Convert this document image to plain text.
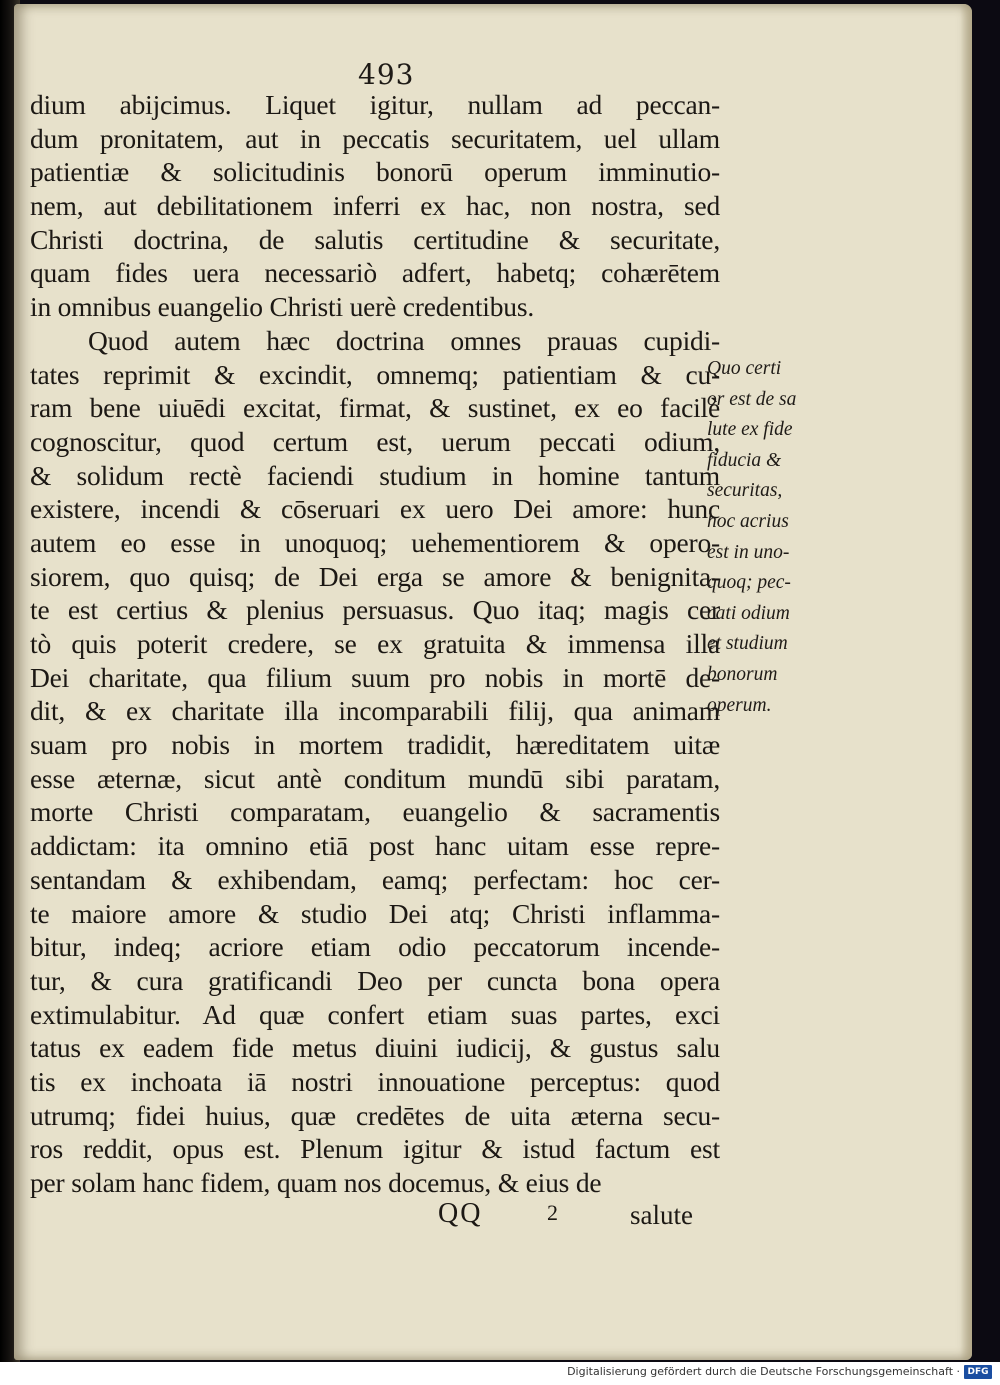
493
dium abijcimus. Liquet igitur, nullam ad peccan-
dum pronitatem, aut in peccatis securitatem, uel ullam
patientiæ & solicitudinis bonorū operum imminutio-
nem, aut debilitationem inferri ex hac, non nostra, sed
Christi doctrina, de salutis certitudine & securitate,
quam fides uera necessariò adfert, habetq; cohærētem
in omnibus euangelio Christi uerè credentibus.
Quod autem hæc doctrina omnes prauas cupidi-
tates reprimit & excindit, omnemq; patientiam & cu-
ram bene uiuēdi excitat, firmat, & sustinet, ex eo facilè
cognoscitur, quod certum est, uerum peccati odium,
& solidum rectè faciendi studium in homine tantum
existere, incendi & cōseruari ex uero Dei amore: hunc
autem eo esse in unoquoq; uehementiorem & opero-
siorem, quo quisq; de Dei erga se amore & benignita-
te est certius & plenius persuasus. Quo itaq; magis cer
tò quis poterit credere, se ex gratuita & immensa illa
Dei charitate, qua filium suum pro nobis in mortē de-
dit, & ex charitate illa incomparabili filij, qua animam
suam pro nobis in mortem tradidit, hæreditatem uitæ
esse æternæ, sicut antè conditum mundū sibi paratam,
morte Christi comparatam, euangelio & sacramentis
addictam: ita omnino etiā post hanc uitam esse repre-
sentandam & exhibendam, eamq; perfectam: hoc cer-
te maiore amore & studio Dei atq; Christi inflamma-
bitur, indeq; acriore etiam odio peccatorum incende-
tur, & cura gratificandi Deo per cuncta bona opera
extimulabitur. Ad quæ confert etiam suas partes, exci
tatus ex eadem fide metus diuini iudicij, & gustus salu
tis ex inchoata iā nostri innouatione perceptus: quod
utrumq; fidei huius, quæ credētes de uita æterna secu-
ros reddit, opus est. Plenum igitur & istud factum est
per solam hanc fidem, quam nos docemus, & eius de
Quo certi
or est de sa
lute ex fide
fiducia &
securitas,
hoc acrius
est in uno-
quoq; pec-
cati odium
et studium
bonorum
operum.
QQ	2	salute
Digitalisierung gefördert durch die Deutsche Forschungsgemeinschaft · DFG
